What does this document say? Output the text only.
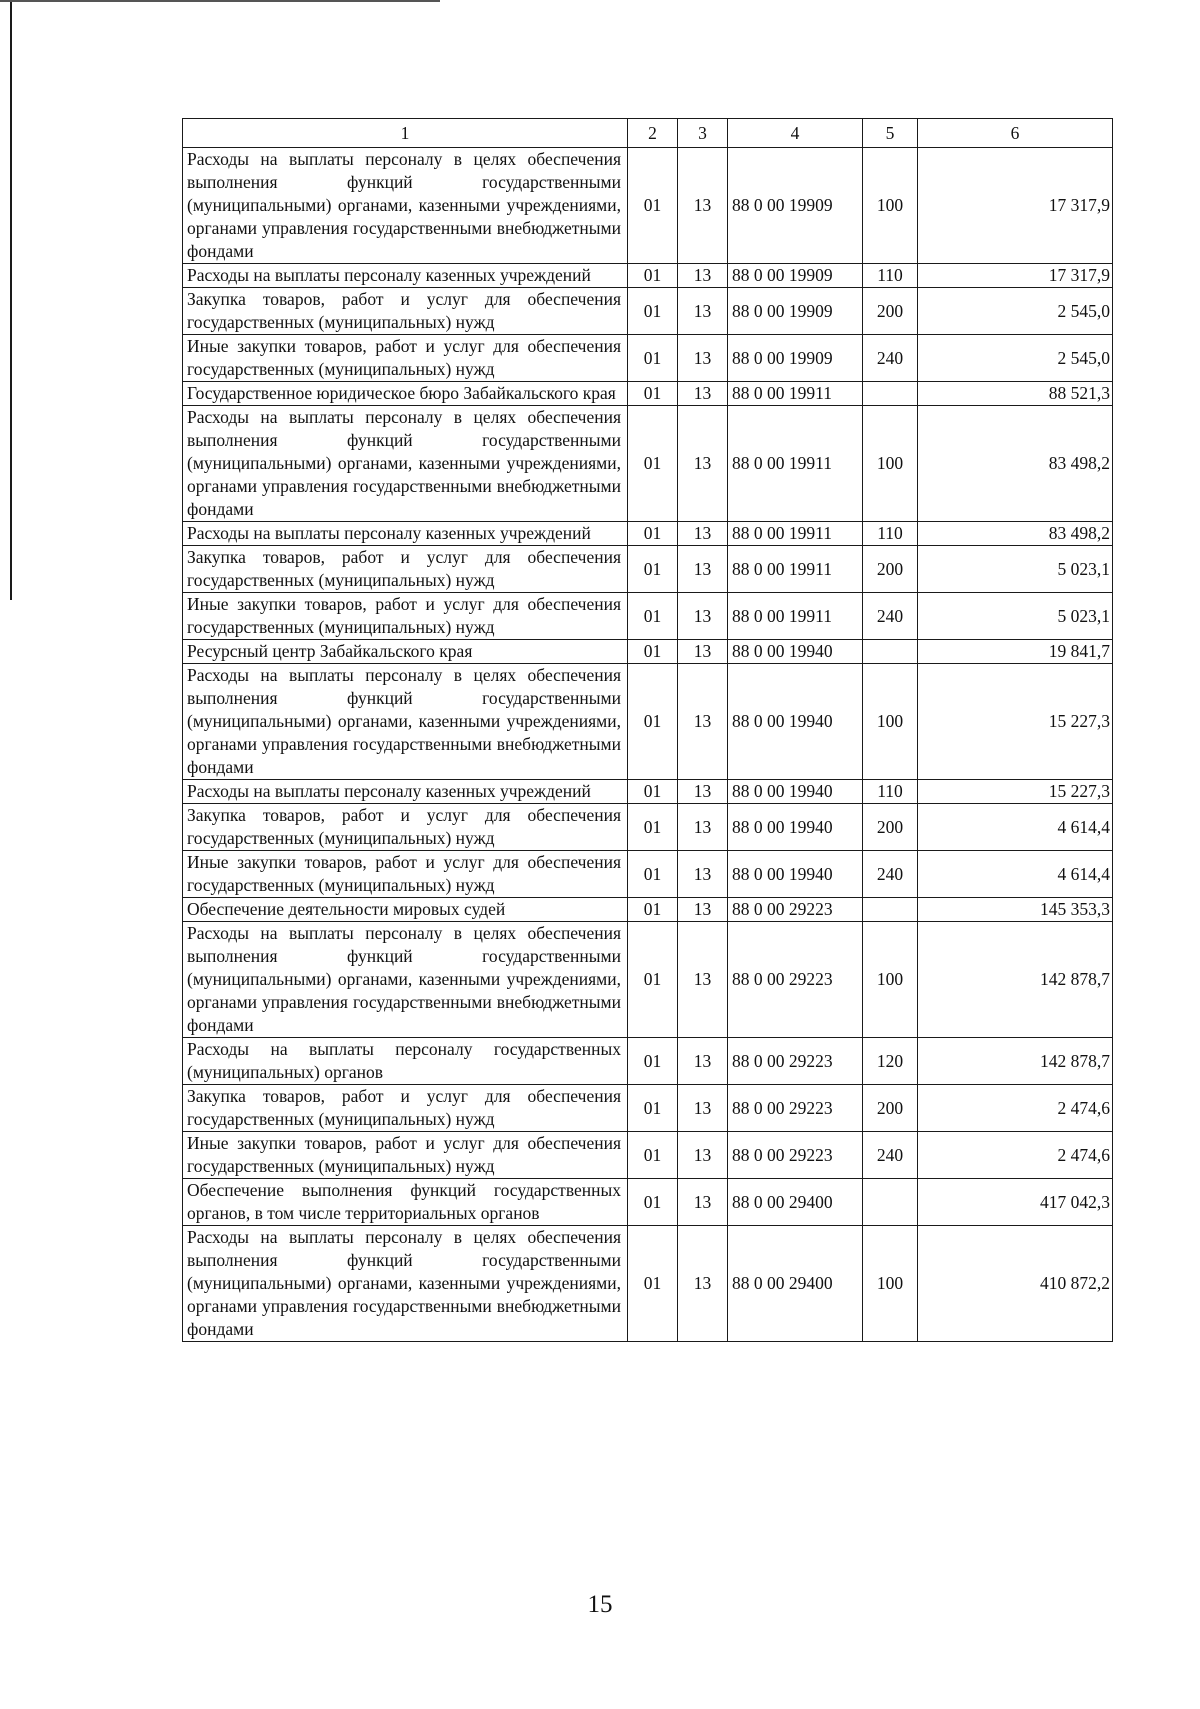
1	2	3	4	5	6
Расходы на выплаты персоналу в целях обеспечения выполнения функций государственными (муниципальными) органами, казенными учреждениями, органами управления государственными внебюджетными фондами	01	13	88 0 00 19909	100	17 317,9
Расходы на выплаты персоналу казенных учреждений	01	13	88 0 00 19909	110	17 317,9
Закупка товаров, работ и услуг для обеспечения государственных (муниципальных) нужд	01	13	88 0 00 19909	200	2 545,0
Иные закупки товаров, работ и услуг для обеспечения государственных (муниципальных) нужд	01	13	88 0 00 19909	240	2 545,0
Государственное юридическое бюро Забайкальского края	01	13	88 0 00 19911		88 521,3
Расходы на выплаты персоналу в целях обеспечения выполнения функций государственными (муниципальными) органами, казенными учреждениями, органами управления государственными внебюджетными фондами	01	13	88 0 00 19911	100	83 498,2
Расходы на выплаты персоналу казенных учреждений	01	13	88 0 00 19911	110	83 498,2
Закупка товаров, работ и услуг для обеспечения государственных (муниципальных) нужд	01	13	88 0 00 19911	200	5 023,1
Иные закупки товаров, работ и услуг для обеспечения государственных (муниципальных) нужд	01	13	88 0 00 19911	240	5 023,1
Ресурсный центр Забайкальского края	01	13	88 0 00 19940		19 841,7
Расходы на выплаты персоналу в целях обеспечения выполнения функций государственными (муниципальными) органами, казенными учреждениями, органами управления государственными внебюджетными фондами	01	13	88 0 00 19940	100	15 227,3
Расходы на выплаты персоналу казенных учреждений	01	13	88 0 00 19940	110	15 227,3
Закупка товаров, работ и услуг для обеспечения государственных (муниципальных) нужд	01	13	88 0 00 19940	200	4 614,4
Иные закупки товаров, работ и услуг для обеспечения государственных (муниципальных) нужд	01	13	88 0 00 19940	240	4 614,4
Обеспечение деятельности мировых судей	01	13	88 0 00 29223		145 353,3
Расходы на выплаты персоналу в целях обеспечения выполнения функций государственными (муниципальными) органами, казенными учреждениями, органами управления государственными внебюджетными фондами	01	13	88 0 00 29223	100	142 878,7
Расходы на выплаты персоналу государственных (муниципальных) органов	01	13	88 0 00 29223	120	142 878,7
Закупка товаров, работ и услуг для обеспечения государственных (муниципальных) нужд	01	13	88 0 00 29223	200	2 474,6
Иные закупки товаров, работ и услуг для обеспечения государственных (муниципальных) нужд	01	13	88 0 00 29223	240	2 474,6
Обеспечение выполнения функций государственных органов, в том числе территориальных органов	01	13	88 0 00 29400		417 042,3
Расходы на выплаты персоналу в целях обеспечения выполнения функций государственными (муниципальными) органами, казенными учреждениями, органами управления государственными внебюджетными фондами	01	13	88 0 00 29400	100	410 872,2
15
